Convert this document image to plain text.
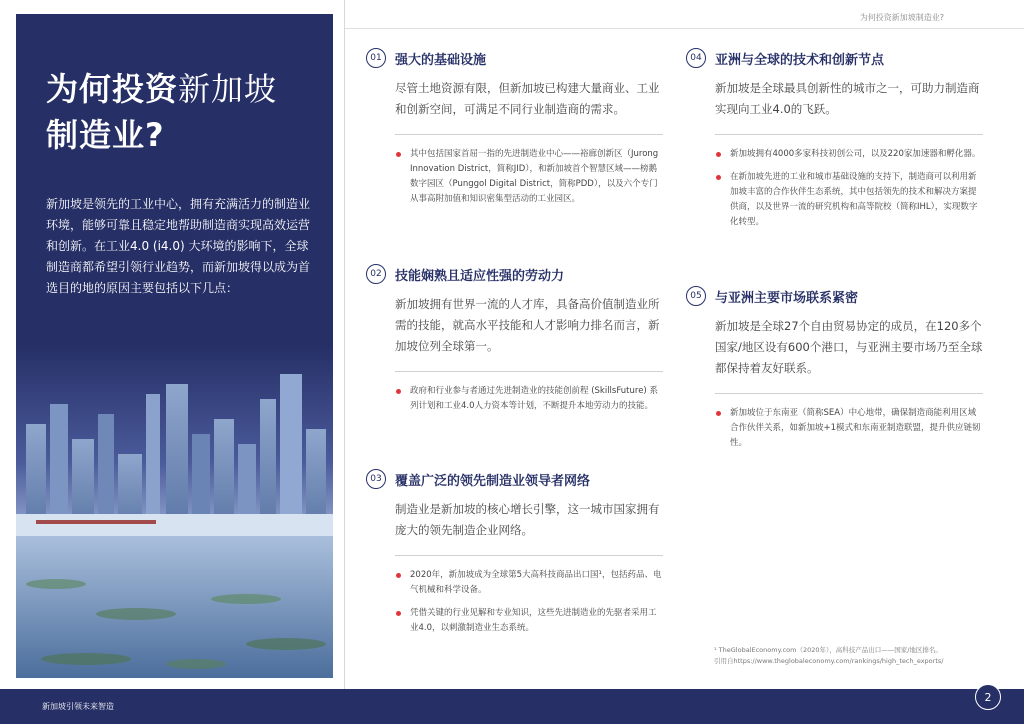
为何投资新加坡
制造业?
新加坡是领先的工业中心，拥有充满活力的制造业环境，能够可靠且稳定地帮助制造商实现高效运营和创新。在工业4.0 (i4.0) 大环境的影响下，全球制造商都希望引领行业趋势，而新加坡得以成为首选目的地的原因主要包括以下几点：
为何投资新加坡制造业?
01	强大的基础设施
尽管土地资源有限，但新加坡已构建大量商业、工业和创新空间，可满足不同行业制造商的需求。
其中包括国家首屈一指的先进制造业中心——裕廊创新区（Jurong Innovation District，简称JID），和新加坡首个智慧区域——榜鹅数字园区（Punggol Digital District，简称PDD），以及六个专门从事高附加值和知识密集型活动的工业园区。
02	技能娴熟且适应性强的劳动力
新加坡拥有世界一流的人才库，具备高价值制造业所需的技能，就高水平技能和人才影响力排名而言，新加坡位列全球第一。
政府和行业参与者通过先进制造业的技能创前程 (SkillsFuture) 系列计划和工业4.0人力资本等计划，不断提升本地劳动力的技能。
03	覆盖广泛的领先制造业领导者网络
制造业是新加坡的核心增长引擎，这一城市国家拥有庞大的领先制造企业网络。
2020年，新加坡成为全球第5大高科技商品出口国¹，包括药品、电气机械和科学设备。
凭借关键的行业见解和专业知识，这些先进制造业的先驱者采用工业4.0，以刺激制造业生态系统。
04	亚洲与全球的技术和创新节点
新加坡是全球最具创新性的城市之一，可助力制造商实现向工业4.0的飞跃。
新加坡拥有4000多家科技初创公司，以及220家加速器和孵化器。
在新加坡先进的工业和城市基础设施的支持下，制造商可以利用新加坡丰富的合作伙伴生态系统，其中包括领先的技术和解决方案提供商，以及世界一流的研究机构和高等院校（简称IHL），实现数字化转型。
05	与亚洲主要市场联系紧密
新加坡是全球27个自由贸易协定的成员，在120多个国家/地区设有600个港口，与亚洲主要市场乃至全球都保持着友好联系。
新加坡位于东南亚（简称SEA）中心地带，确保制造商能利用区域合作伙伴关系，如新加坡+1模式和东南亚制造联盟，提升供应链韧性。
¹ TheGlobalEconomy.com（2020年），高科技产品出口——国家/地区排名。
引用自https://www.theglobaleconomy.com/rankings/high_tech_exports/
新加坡引领未来智造
2
